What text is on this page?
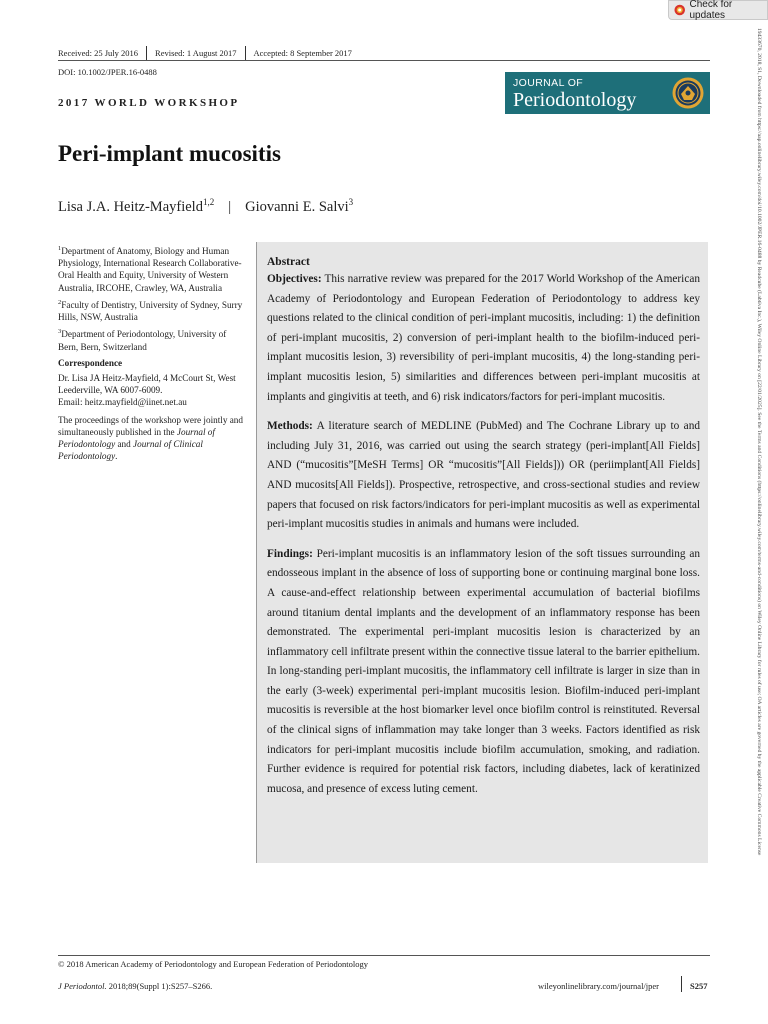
Check for updates
Received: 25 July 2016	Revised: 1 August 2017	Accepted: 8 September 2017
DOI: 10.1002/JPER.16-0488
2017 WORLD WORKSHOP
JOURNAL OF
Periodontology
Peri-implant mucositis
Lisa J.A. Heitz-Mayfield$^{1,2}$ | Giovanni E. Salvi$^3$

$^1$Department of Anatomy, Biology and Human Physiology, International Research Collaborative-Oral Health and Equity, University of Western Australia, IRCOHE, Crawley, WA, Australia

$^2$Faculty of Dentistry, University of Sydney, Surry Hills, NSW, Australia

$^3$Department of Periodontology, University of Bern, Bern, Switzerland

Correspondence

Dr. Lisa JA Heitz-Mayfield, 4 McCourt St, West Leederville, WA 6007-6009.

Email: heitz.mayfield@iinet.net.au

The proceedings of the workshop were jointly and simultaneously published in the Journal of Periodontology and Journal of Clinical Periodontology.

Abstract

Objectives: This narrative review was prepared for the 2017 World Workshop of the American Academy of Periodontology and European Federation of Periodontology to address key questions related to the clinical condition of peri-implant mucositis, including: 1) the definition of peri-implant mucositis, 2) conversion of peri-implant health to the biofilm-induced peri-implant mucositis lesion, 3) reversibility of peri-implant mucositis, 4) the long-standing peri-implant mucositis lesion, 5) similarities and differences between peri-implant mucositis at implants and gingivitis at teeth, and 6) risk indicators/factors for peri-implant mucositis.

Methods: A literature search of MEDLINE (PubMed) and The Cochrane Library up to and including July 31, 2016, was carried out using the search strategy (peri-implant[All Fields] AND (“mucositis”[MeSH Terms] OR “mucositis”[All Fields])) OR (periimplant[All Fields] AND mucosits[All Fields]). Prospective, retrospective, and cross-sectional studies and review papers that focused on risk factors/indicators for peri-implant mucositis as well as experimental peri-implant mucositis studies in animals and humans were included.

Findings: Peri-implant mucositis is an inflammatory lesion of the soft tissues surrounding an endosseous implant in the absence of loss of supporting bone or continuing marginal bone loss. A cause-and-effect relationship between experimental accumulation of bacterial biofilms around titanium dental implants and the development of an inflammatory response has been demonstrated. The experimental peri-implant mucositis lesion is characterized by an inflammatory cell infiltrate present within the connective tissue lateral to the barrier epithelium. In long-standing peri-implant mucositis, the inflammatory cell infiltrate is larger in size than in the early (3-week) experimental peri-implant mucositis lesion. Biofilm-induced peri-implant mucositis is reversible at the host biomarker level once biofilm control is reinstituted. Reversal of the clinical signs of inflammation may take longer than 3 weeks. Factors identified as risk indicators for peri-implant mucositis include biofilm accumulation, smoking, and radiation. Further evidence is required for potential risk factors, including diabetes, lack of keratinized mucosa, and presence of excess luting cement.	19433670, 2018, S1, Downloaded from https://aap.onlinelibrary.wiley.com/doi/10.1002/JPER.16-0488 by Readcube (Labtiva Inc.), Wiley Online Library on [22/01/2025]. See the Terms and Conditions (https://onlinelibrary.wiley.com/terms-and-conditions) on Wiley Online Library for rules of use; OA articles are governed by the applicable Creative Commons License
© 2018 American Academy of Periodontology and European Federation of Periodontology
J Periodontol. 2018;89(Suppl 1):S257–S266.	wileyonlinelibrary.com/journal/jper	S257
